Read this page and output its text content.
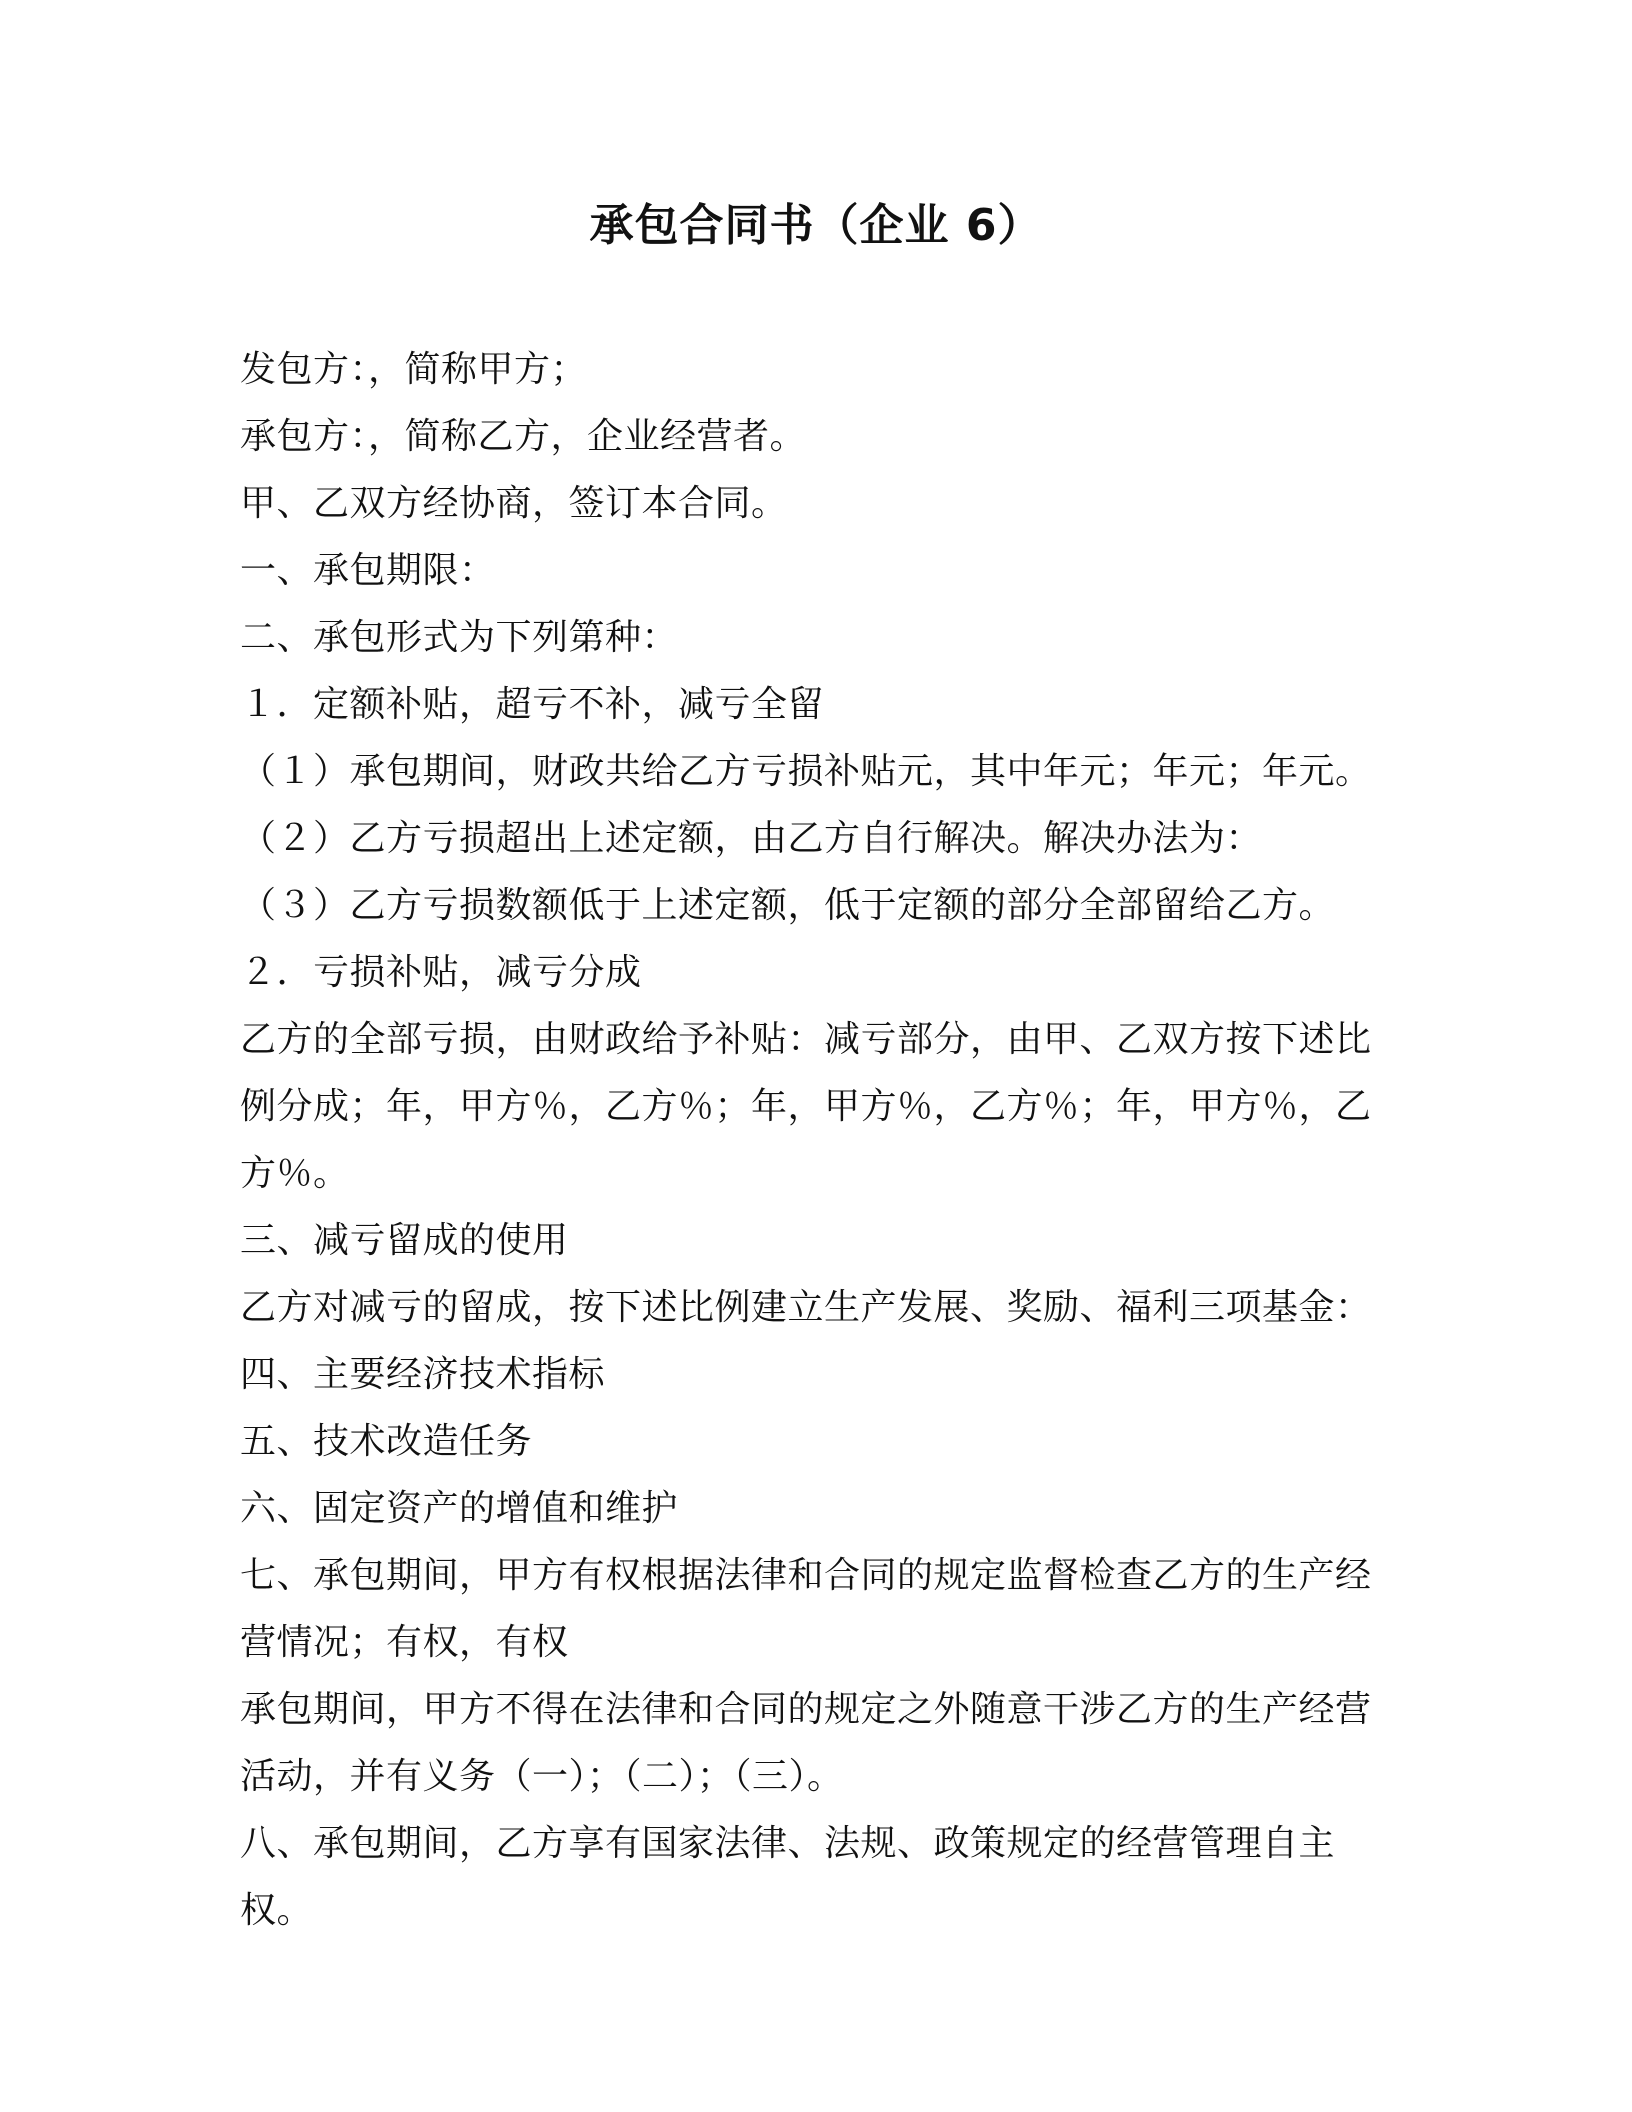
承包合同书（企业 6）

发包方：，简称甲方；

承包方：，简称乙方，企业经营者。

甲、乙双方经协商，签订本合同。

一、承包期限：

二、承包形式为下列第种：

１．定额补贴，超亏不补，减亏全留

（１）承包期间，财政共给乙方亏损补贴元，其中年元；年元；年元。

（２）乙方亏损超出上述定额，由乙方自行解决。解决办法为：

（３）乙方亏损数额低于上述定额，低于定额的部分全部留给乙方。

２．亏损补贴，减亏分成

乙方的全部亏损，由财政给予补贴：减亏部分，由甲、乙双方按下述比例分成；年，甲方％，乙方％；年，甲方％，乙方％；年，甲方％，乙方％。

三、减亏留成的使用

乙方对减亏的留成，按下述比例建立生产发展、奖励、福利三项基金：

四、主要经济技术指标

五、技术改造任务

六、固定资产的增值和维护

七、承包期间，甲方有权根据法律和合同的规定监督检查乙方的生产经营情况；有权，有权

承包期间，甲方不得在法律和合同的规定之外随意干涉乙方的生产经营活动，并有义务（一）；（二）；（三）。

八、承包期间，乙方享有国家法律、法规、政策规定的经营管理自主权。
